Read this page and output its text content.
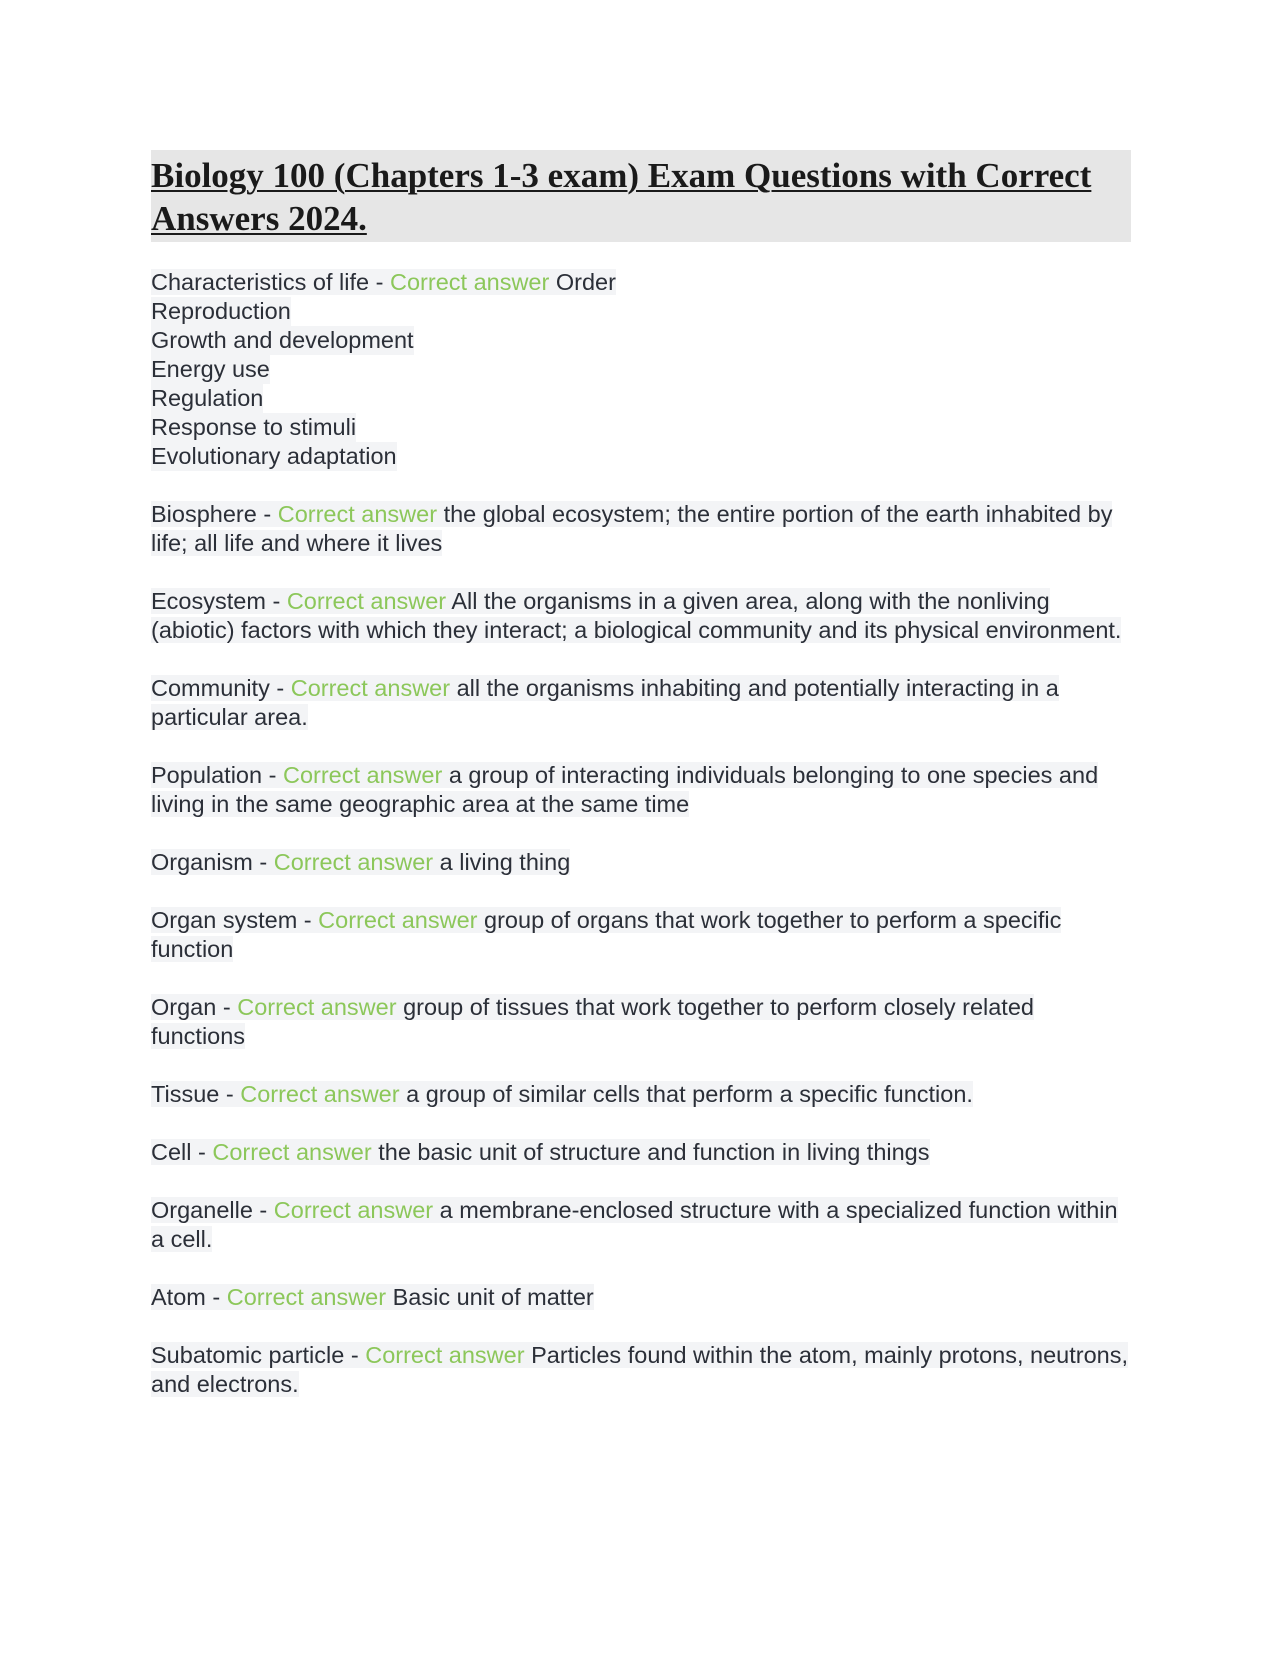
Biology 100 (Chapters 1-3 exam) Exam Questions with Correct Answers 2024.

Characteristics of life - Correct answer Order
Reproduction
Growth and development
Energy use
Regulation
Response to stimuli
Evolutionary adaptation

Biosphere - Correct answer the global ecosystem; the entire portion of the earth inhabited by life; all life and where it lives

Ecosystem - Correct answer All the organisms in a given area, along with the nonliving (abiotic) factors with which they interact; a biological community and its physical environment.

Community - Correct answer all the organisms inhabiting and potentially interacting in a particular area.

Population - Correct answer a group of interacting individuals belonging to one species and living in the same geographic area at the same time

Organism - Correct answer a living thing

Organ system - Correct answer group of organs that work together to perform a specific function

Organ - Correct answer group of tissues that work together to perform closely related functions

Tissue - Correct answer a group of similar cells that perform a specific function.

Cell - Correct answer the basic unit of structure and function in living things

Organelle - Correct answer a membrane-enclosed structure with a specialized function within a cell.

Atom - Correct answer Basic unit of matter

Subatomic particle - Correct answer Particles found within the atom, mainly protons, neutrons, and electrons.
